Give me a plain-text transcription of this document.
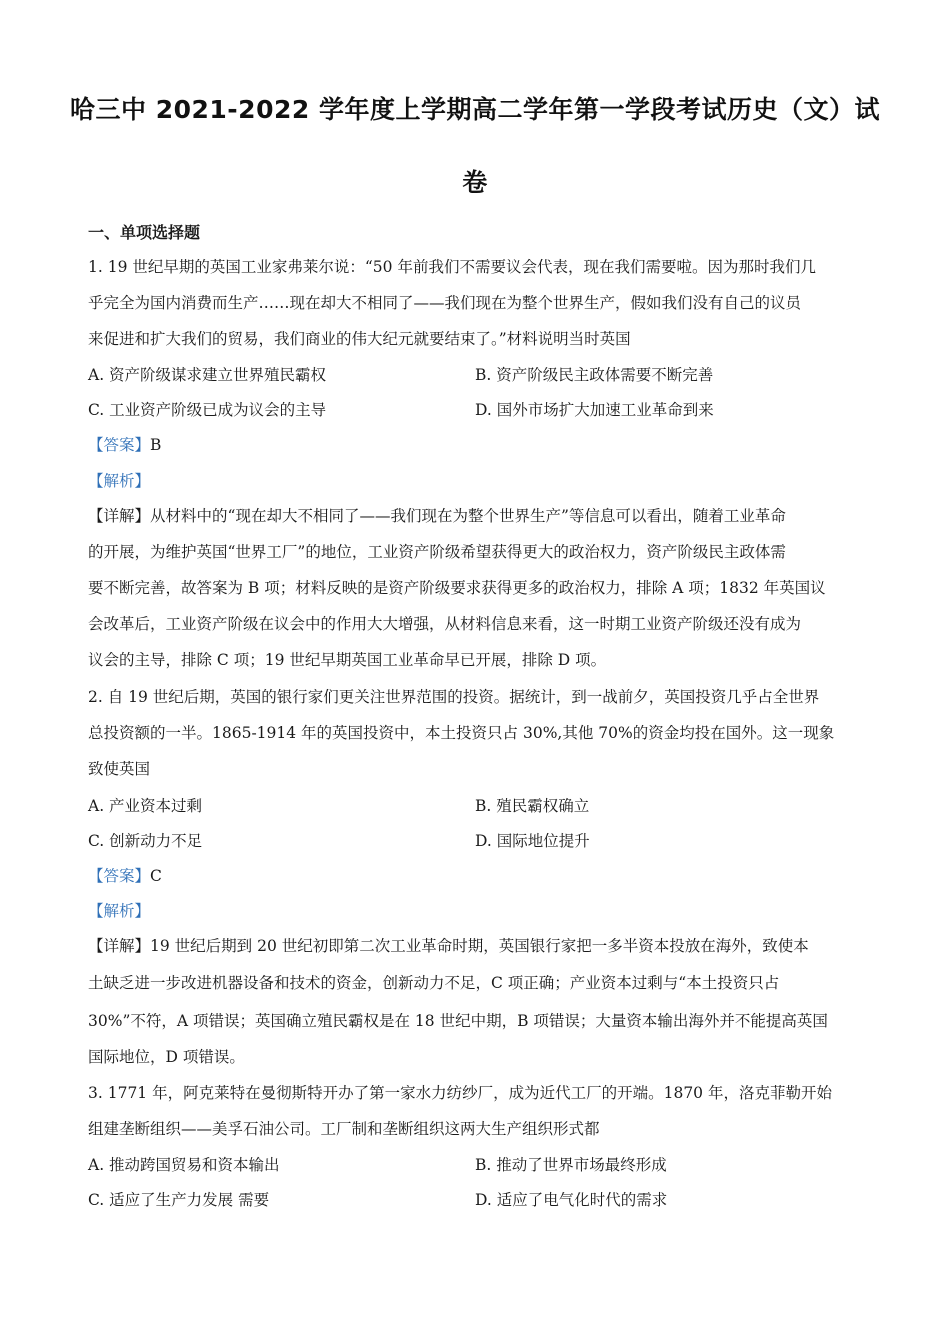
哈三中 2021-2022 学年度上学期高二学年第一学段考试历史（文）试
卷
一、单项选择题
1. 19 世纪早期的英国工业家弗莱尔说：“50 年前我们不需要议会代表，现在我们需要啦。因为那时我们几
乎完全为国内消费而生产……现在却大不相同了——我们现在为整个世界生产，假如我们没有自己的议员
来促进和扩大我们的贸易，我们商业的伟大纪元就要结束了。”材料说明当时英国
A. 资产阶级谋求建立世界殖民霸权	B. 资产阶级民主政体需要不断完善
C. 工业资产阶级已成为议会的主导	D. 国外市场扩大加速工业革命到来
【答案】B
【解析】
【详解】从材料中的“现在却大不相同了——我们现在为整个世界生产”等信息可以看出，随着工业革命
的开展，为维护英国“世界工厂”的地位，工业资产阶级希望获得更大的政治权力，资产阶级民主政体需
要不断完善，故答案为 B 项；材料反映的是资产阶级要求获得更多的政治权力，排除 A 项；1832 年英国议
会改革后，工业资产阶级在议会中的作用大大增强，从材料信息来看，这一时期工业资产阶级还没有成为
议会的主导，排除 C 项；19 世纪早期英国工业革命早已开展，排除 D 项。
2. 自 19 世纪后期，英国的银行家们更关注世界范围的投资。据统计，到一战前夕，英国投资几乎占全世界
总投资额的一半。1865-1914 年的英国投资中，本土投资只占 30%,其他 70%的资金均投在国外。这一现象
致使英国
A. 产业资本过剩	B. 殖民霸权确立
C. 创新动力不足	D. 国际地位提升
【答案】C
【解析】
【详解】19 世纪后期到 20 世纪初即第二次工业革命时期，英国银行家把一多半资本投放在海外，致使本
土缺乏进一步改进机器设备和技术的资金，创新动力不足，C 项正确；产业资本过剩与“本土投资只占
30%”不符，A 项错误；英国确立殖民霸权是在 18 世纪中期，B 项错误；大量资本输出海外并不能提高英国
国际地位，D 项错误。
3. 1771 年，阿克莱特在曼彻斯特开办了第一家水力纺纱厂，成为近代工厂的开端。1870 年，洛克菲勒开始
组建垄断组织——美孚石油公司。工厂制和垄断组织这两大生产组织形式都
A. 推动跨国贸易和资本输出	B. 推动了世界市场最终形成
C. 适应了生产力发展 需要	D. 适应了电气化时代的需求
